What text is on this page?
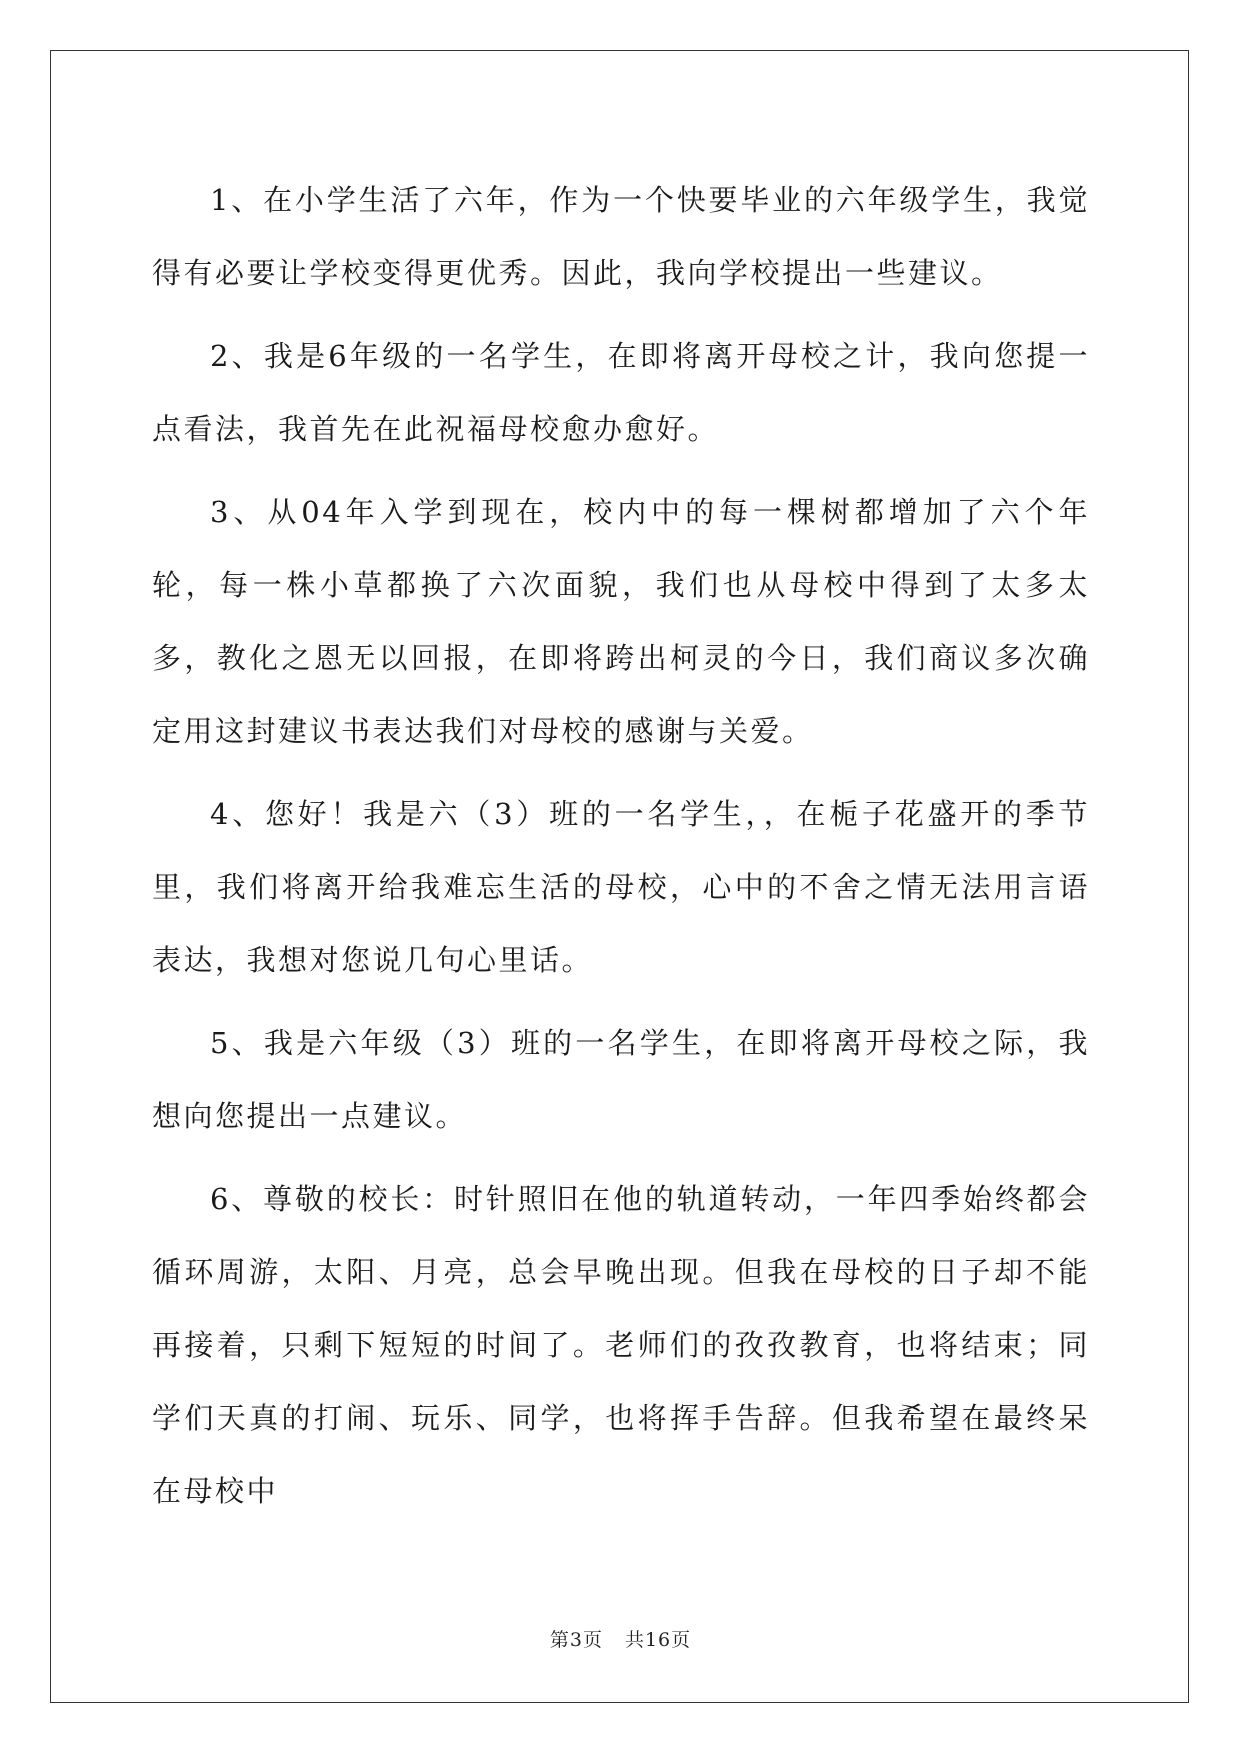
1、在小学生活了六年，作为一个快要毕业的六年级学生，我觉得有必要让学校变得更优秀。因此，我向学校提出一些建议。

2、我是6年级的一名学生，在即将离开母校之计，我向您提一点看法，我首先在此祝福母校愈办愈好。

3、从04年入学到现在，校内中的每一棵树都增加了六个年轮，每一株小草都换了六次面貌，我们也从母校中得到了太多太多，教化之恩无以回报，在即将跨出柯灵的今日，我们商议多次确定用这封建议书表达我们对母校的感谢与关爱。

4、您好！我是六（3）班的一名学生，，在栀子花盛开的季节里，我们将离开给我难忘生活的母校，心中的不舍之情无法用言语表达，我想对您说几句心里话。

5、我是六年级（3）班的一名学生，在即将离开母校之际，我想向您提出一点建议。

6、尊敬的校长：时针照旧在他的轨道转动，一年四季始终都会循环周游，太阳、月亮，总会早晚出现。但我在母校的日子却不能再接着，只剩下短短的时间了。老师们的孜孜教育，也将结束；同学们天真的打闹、玩乐、同学，也将挥手告辞。但我希望在最终呆在母校中

第3页 共16页
